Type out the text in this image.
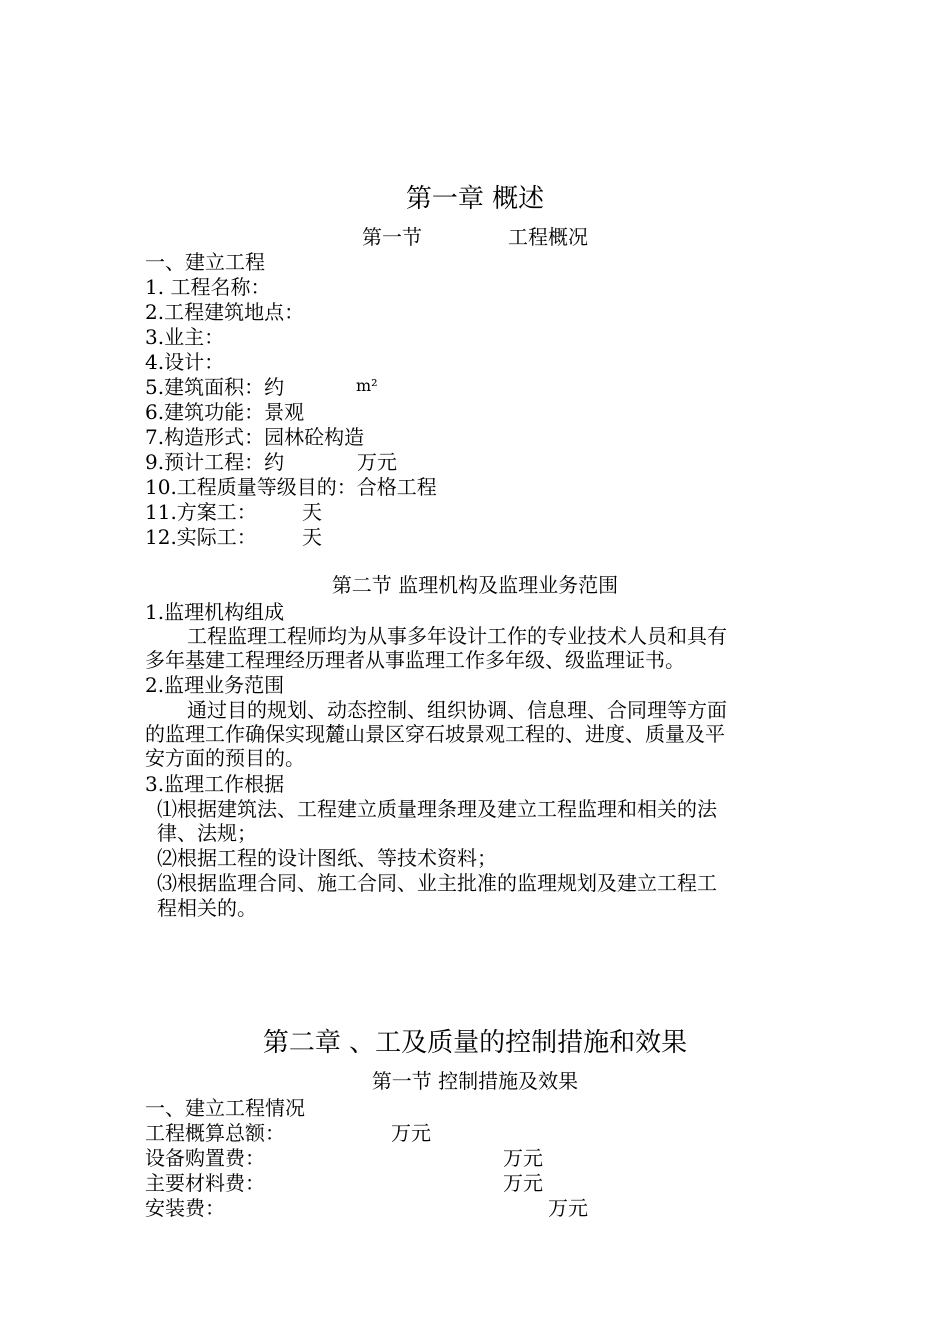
第一章 概述
第一节	工程概况
一、建立工程
1. 工程名称：
2.工程建筑地点：
3.业主：
4.设计：
5.建筑面积：约	m²
6.建筑功能：景观
7.构造形式：园林砼构造
9.预计工程：约	万元
10.工程质量等级目的：合格工程
11.方案工： 天
12.实际工： 天
第二节 监理机构及监理业务范围
1.监理机构组成
工程监理工程师均为从事多年设计工作的专业技术人员和具有
多年基建工程理经历理者从事监理工作多年级、级监理证书。
2.监理业务范围
通过目的规划、动态控制、组织协调、信息理、合同理等方面
的监理工作确保实现麓山景区穿石坡景观工程的、进度、质量及平
安方面的预目的。
3.监理工作根据
⑴根据建筑法、工程建立质量理条理及建立工程监理和相关的法
律、法规；
⑵根据工程的设计图纸、等技术资料；
⑶根据监理合同、施工合同、业主批准的监理规划及建立工程工
程相关的。
第二章 、工及质量的控制措施和效果
第一节 控制措施及效果
一、建立工程情况
工程概算总额：	万元
设备购置费：	万元
主要材料费：	万元
安装费：	万元
